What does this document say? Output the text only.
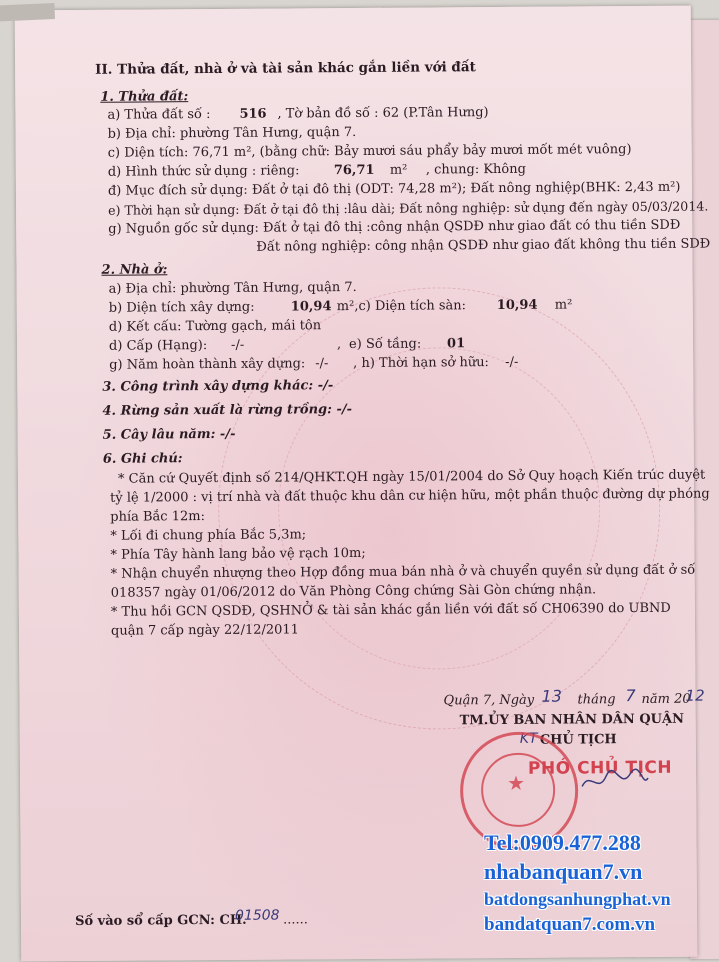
II. Thửa đất, nhà ở và tài sản khác gắn liền với đất
1. Thửa đất:
a) Thửa đất số : 516 , Tờ bản đồ số : 62 (P.Tân Hưng)
b) Địa chỉ: phường Tân Hưng, quận 7.
c) Diện tích: 76,71 m², (bằng chữ: Bảy mươi sáu phẩy bảy mươi mốt mét vuông)
d) Hình thức sử dụng : riêng:	76,71 m² , chung: Không
đ) Mục đích sử dụng: Đất ở tại đô thị (ODT: 74,28 m²); Đất nông nghiệp(BHK: 2,43 m²)
e) Thời hạn sử dụng: Đất ở tại đô thị :lâu dài; Đất nông nghiệp: sử dụng đến ngày 05/03/2014.
g) Nguồn gốc sử dụng: Đất ở tại đô thị :công nhận QSDĐ như giao đất có thu tiền SDĐ
Đất nông nghiệp: công nhận QSDĐ như giao đất không thu tiền SDĐ
2. Nhà ở:
a) Địa chỉ: phường Tân Hưng, quận 7.
b) Diện tích xây dựng:	10,94 m²,c) Diện tích sàn: 10,94 m²
d) Kết cấu: Tường gạch, mái tôn
d) Cấp (Hạng): -/-	, e) Số tầng: 01
g) Năm hoàn thành xây dựng: -/- , h) Thời hạn sở hữu: -/-
3. Công trình xây dựng khác: -/-
4. Rừng sản xuất là rừng trồng: -/-
5. Cây lâu năm: -/-
6. Ghi chú:
* Căn cứ Quyết định số 214/QHKT.QH ngày 15/01/2004 do Sở Quy hoạch Kiến trúc duyệt
tỷ lệ 1/2000 : vị trí nhà và đất thuộc khu dân cư hiện hữu, một phần thuộc đường dự phóng
phía Bắc 12m:
* Lối đi chung phía Bắc 5,3m;
* Phía Tây hành lang bảo vệ rạch 10m;
* Nhận chuyển nhượng theo Hợp đồng mua bán nhà ở và chuyển quyền sử dụng đất ở số
018357 ngày 01/06/2012 do Văn Phòng Công chứng Sài Gòn chứng nhận.
* Thu hồi GCN QSDĐ, QSHNỞ & tài sản khác gắn liền với đất số CH06390 do UBND
quận 7 cấp ngày 22/12/2011
Quận 7, Ngày 13 tháng 7 năm 20
12
TM.ỦY BAN NHÂN DÂN QUẬN
KT CHỦ TỊCH
★
PHÓ CHỦ TỊCH
Số vào sổ cấp GCN: CH.
01508 ......
Tel:0909.477.288
nhabanquan7.vn
batdongsanhungphat.vn
bandatquan7.com.vn
